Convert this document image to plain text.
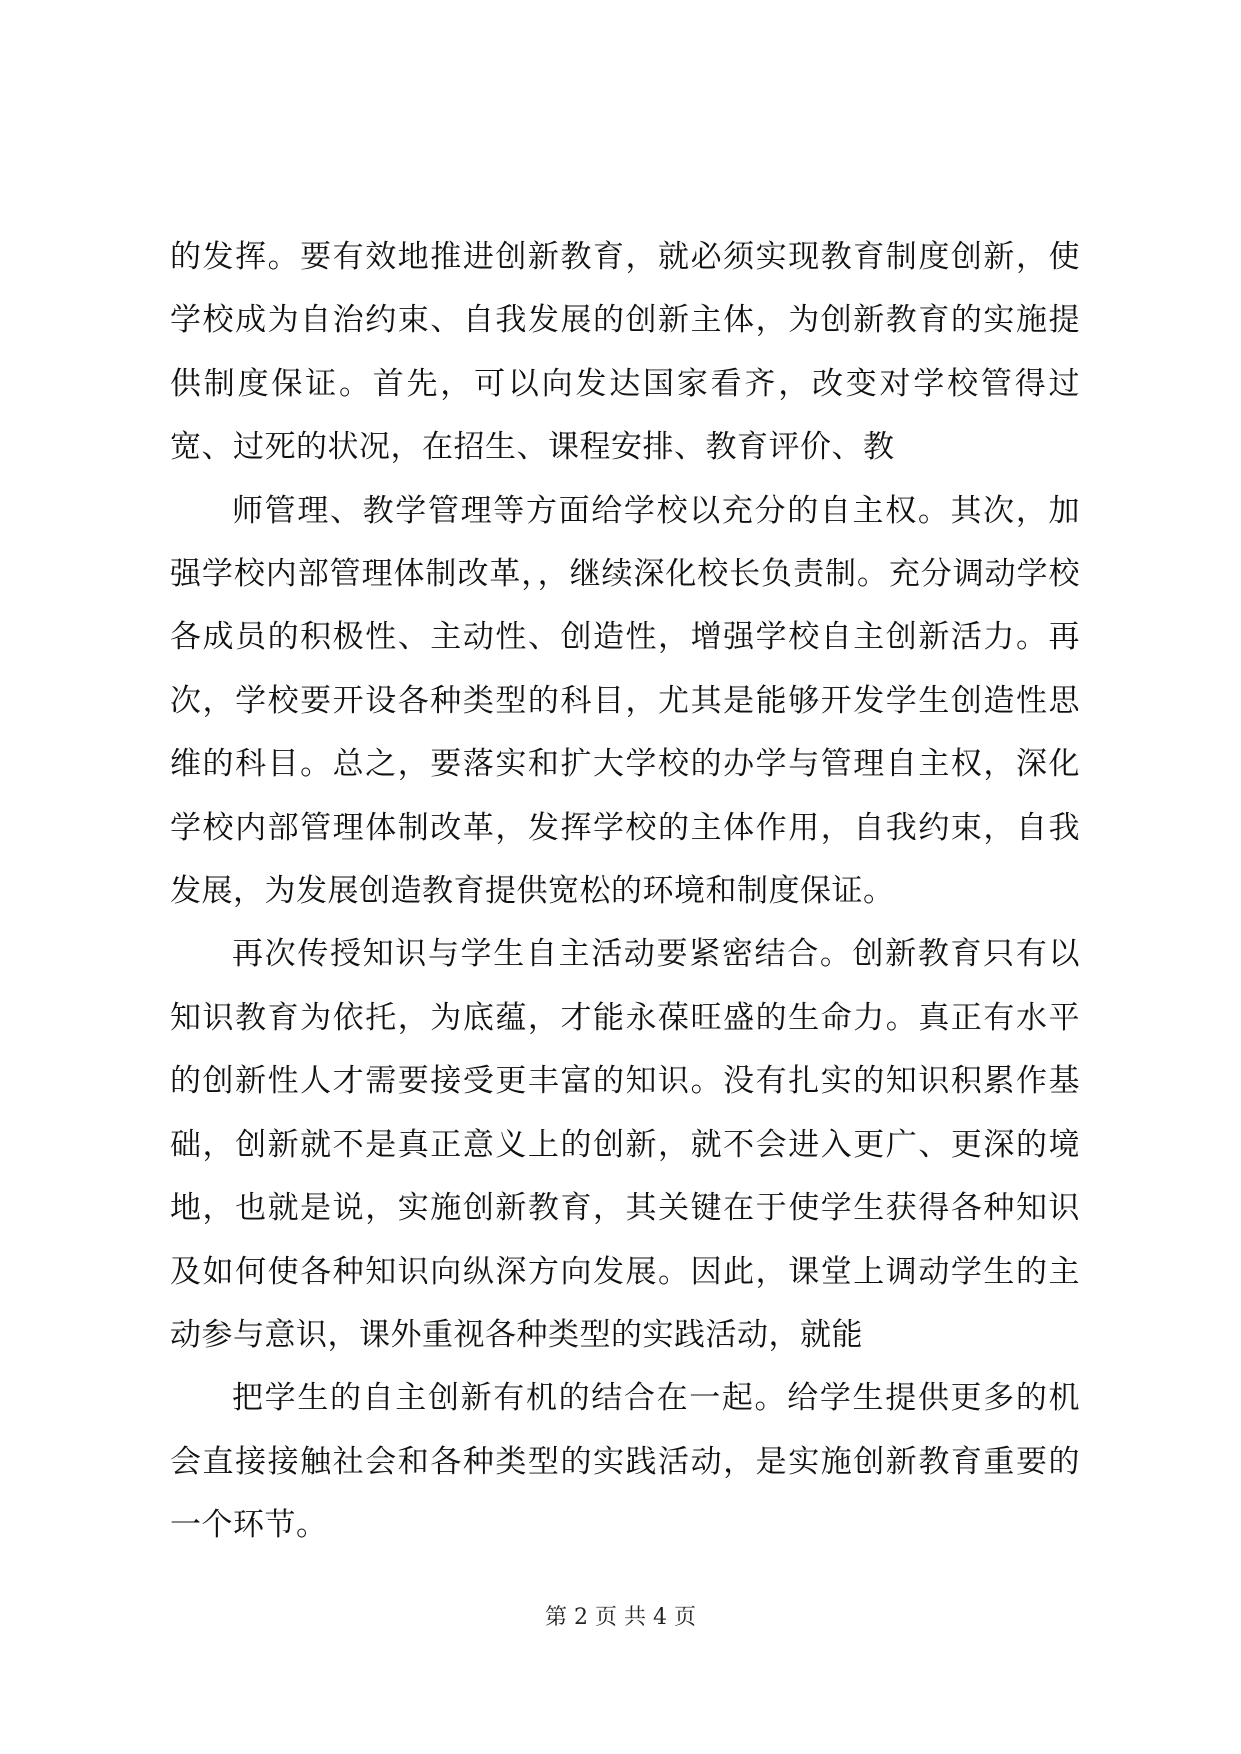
的发挥。要有效地推进创新教育，就必须实现教育制度创新，使学校成为自治约束、自我发展的创新主体，为创新教育的实施提供制度保证。首先，可以向发达国家看齐，改变对学校管得过宽、过死的状况，在招生、课程安排、教育评价、教

师管理、教学管理等方面给学校以充分的自主权。其次，加强学校内部管理体制改革，，继续深化校长负责制。充分调动学校各成员的积极性、主动性、创造性，增强学校自主创新活力。再次，学校要开设各种类型的科目，尤其是能够开发学生创造性思维的科目。总之，要落实和扩大学校的办学与管理自主权，深化学校内部管理体制改革，发挥学校的主体作用，自我约束，自我发展，为发展创造教育提供宽松的环境和制度保证。

再次传授知识与学生自主活动要紧密结合。创新教育只有以知识教育为依托，为底蕴，才能永葆旺盛的生命力。真正有水平的创新性人才需要接受更丰富的知识。没有扎实的知识积累作基础，创新就不是真正意义上的创新，就不会进入更广、更深的境地，也就是说，实施创新教育，其关键在于使学生获得各种知识及如何使各种知识向纵深方向发展。因此，课堂上调动学生的主动参与意识，课外重视各种类型的实践活动，就能

把学生的自主创新有机的结合在一起。给学生提供更多的机会直接接触社会和各种类型的实践活动，是实施创新教育重要的一个环节。

第 2 页 共 4 页
